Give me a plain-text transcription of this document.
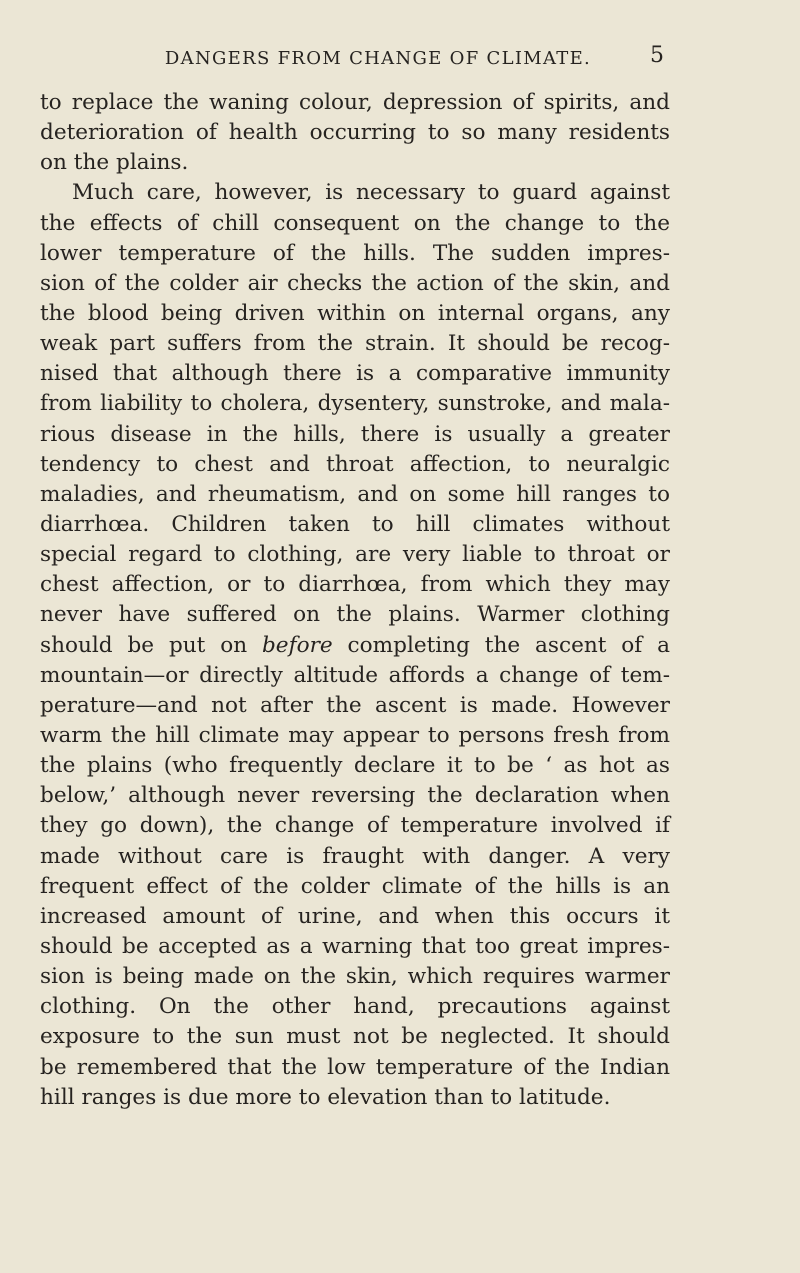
DANGERS FROM CHANGE OF CLIMATE.	5
to replace the waning colour, depression of spirits, and
deterioration of health occurring to so many residents
on the plains.
Much care, however, is necessary to guard against
the effects of chill consequent on the change to the
lower temperature of the hills. The sudden impres-
sion of the colder air checks the action of the skin, and
the blood being driven within on internal organs, any
weak part suffers from the strain. It should be recog-
nised that although there is a comparative immunity
from liability to cholera, dysentery, sunstroke, and mala-
rious disease in the hills, there is usually a greater
tendency to chest and throat affection, to neuralgic
maladies, and rheumatism, and on some hill ranges to
diarrhœa. Children taken to hill climates without
special regard to clothing, are very liable to throat or
chest affection, or to diarrhœa, from which they may
never have suffered on the plains. Warmer clothing
should be put on before completing the ascent of a
mountain—or directly altitude affords a change of tem-
perature—and not after the ascent is made. However
warm the hill climate may appear to persons fresh from
the plains (who frequently declare it to be ‘ as hot as
below,’ although never reversing the declaration when
they go down), the change of temperature involved if
made without care is fraught with danger. A very
frequent effect of the colder climate of the hills is an
increased amount of urine, and when this occurs it
should be accepted as a warning that too great impres-
sion is being made on the skin, which requires warmer
clothing. On the other hand, precautions against
exposure to the sun must not be neglected. It should
be remembered that the low temperature of the Indian
hill ranges is due more to elevation than to latitude.
